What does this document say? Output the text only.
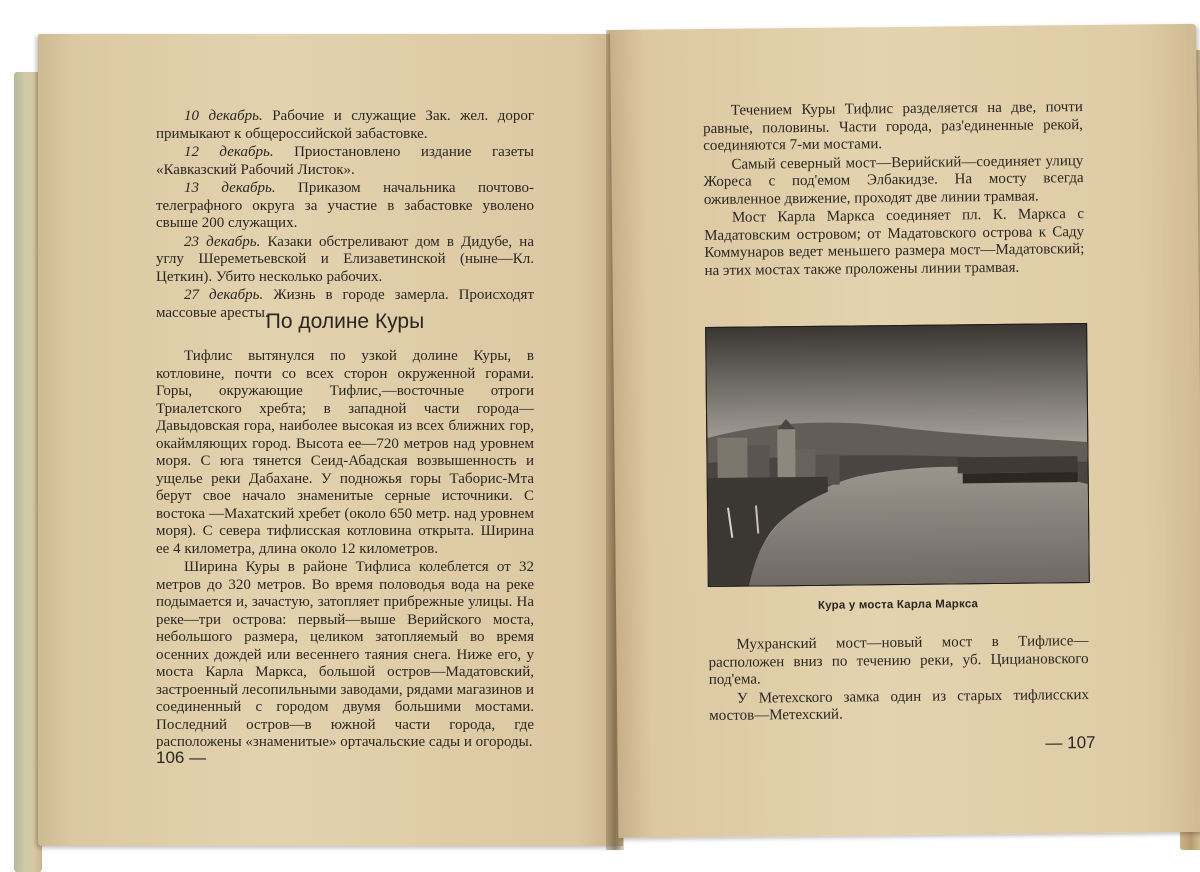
10 декабрь. Рабочие и служащие Зак. жел. дорог примыкают к общероссийской забастовке.

12 декабрь. Приостановлено издание газеты «Кавказский Рабочий Листок».

13 декабрь. Приказом начальника почтово-телеграфного округа за участие в забастовке уволено свыше 200 служащих.

23 декабрь. Казаки обстреливают дом в Дидубе, на углу Шереметьевской и Елизаветинской (ныне—Кл. Цеткин). Убито несколько рабочих.

27 декабрь. Жизнь в городе замерла. Происходят массовые аресты.

По долине Куры

Тифлис вытянулся по узкой долине Куры, в котловине, почти со всех сторон окруженной горами. Горы, окружающие Тифлис,—восточные отроги Триалетского хребта; в западной части города—Давыдовская гора, наиболее высокая из всех ближних гор, окаймляющих город. Высота ее—720 метров над уровнем моря. С юга тянется Сеид-Абадская возвышенность и ущелье реки Дабахане. У подножья горы Таборис-Мта берут свое начало знаменитые серные источники. С востока —Махатский хребет (около 650 метр. над уровнем моря). С севера тифлисская котловина открыта. Ширина ее 4 километра, длина около 12 километров.

Ширина Куры в районе Тифлиса колеблется от 32 метров до 320 метров. Во время половодья вода на реке подымается и, зачастую, затопляет прибрежные улицы. На реке—три острова: первый—выше Верийского моста, небольшого размера, целиком затопляемый во время осенних дождей или весеннего таяния снега. Ниже его, у моста Карла Маркса, большой остров—Мадатовский, застроенный лесопильными заводами, рядами магазинов и соединенный с городом двумя большими мостами. Последний остров—в южной части города, где расположены «знаменитые» ортачальские сады и огороды.

106 —

Течением Куры Тифлис разделяется на две, почти равные, половины. Части города, раз'единенные рекой, соединяются 7-ми мостами.

Самый северный мост—Верийский—соединяет улицу Жореса с под'емом Элбакидзе. На мосту всегда оживленное движение, проходят две линии трамвая.

Мост Карла Маркса соединяет пл. К. Маркса с Мадатовским островом; от Мадатовского острова к Саду Коммунаров ведет меньшего размера мост—Мадатовский; на этих мостах также проложены линии трамвая.

Кура у моста Карла Маркса

Мухранский мост—новый мост в Тифлисе—расположен вниз по течению реки, уб. Цициановского под'ема.

У Метехского замка один из старых тифлисских мостов—Метехский.

— 107
